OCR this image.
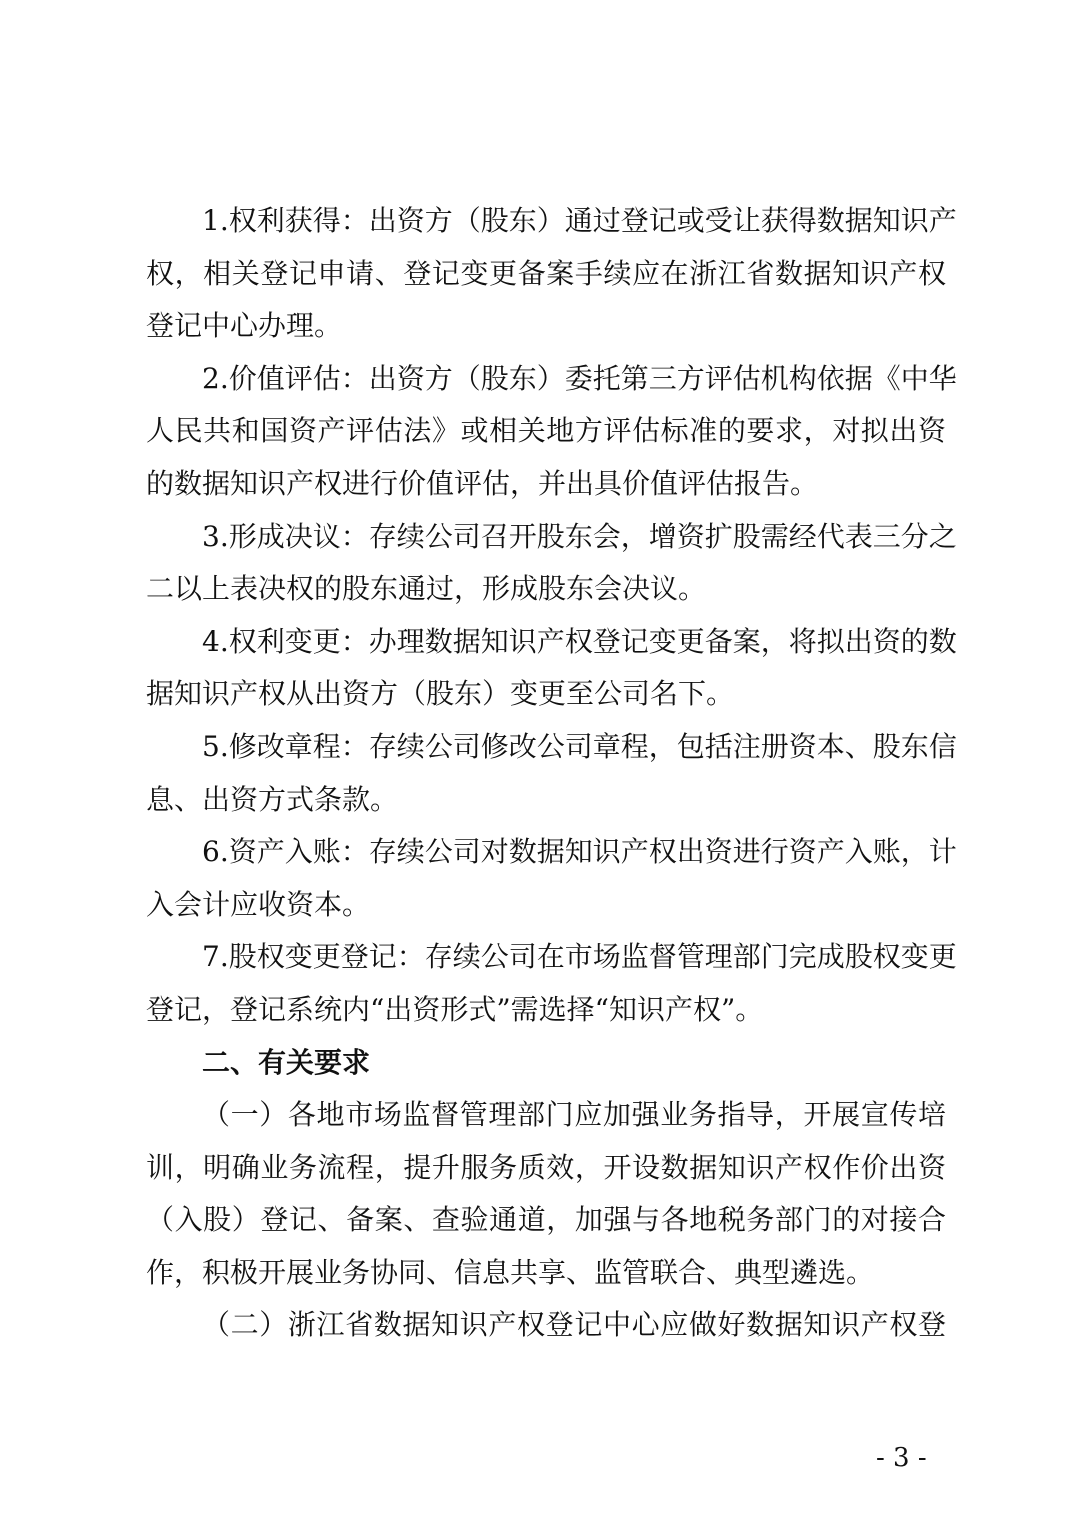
1.权利获得：出资方（股东）通过登记或受让获得数据知识产
权，相关登记申请、登记变更备案手续应在浙江省数据知识产权
登记中心办理。
2.价值评估：出资方（股东）委托第三方评估机构依据《中华
人民共和国资产评估法》或相关地方评估标准的要求，对拟出资
的数据知识产权进行价值评估，并出具价值评估报告。
3.形成决议：存续公司召开股东会，增资扩股需经代表三分之
二以上表决权的股东通过，形成股东会决议。
4.权利变更：办理数据知识产权登记变更备案，将拟出资的数
据知识产权从出资方（股东）变更至公司名下。
5.修改章程：存续公司修改公司章程，包括注册资本、股东信
息、出资方式条款。
6.资产入账：存续公司对数据知识产权出资进行资产入账，计
入会计应收资本。
7.股权变更登记：存续公司在市场监督管理部门完成股权变更
登记，登记系统内“出资形式”需选择“知识产权”。
二、有关要求
（一）各地市场监督管理部门应加强业务指导，开展宣传培
训，明确业务流程，提升服务质效，开设数据知识产权作价出资
（入股）登记、备案、查验通道，加强与各地税务部门的对接合
作，积极开展业务协同、信息共享、监管联合、典型遴选。
（二）浙江省数据知识产权登记中心应做好数据知识产权登
- 3 -
